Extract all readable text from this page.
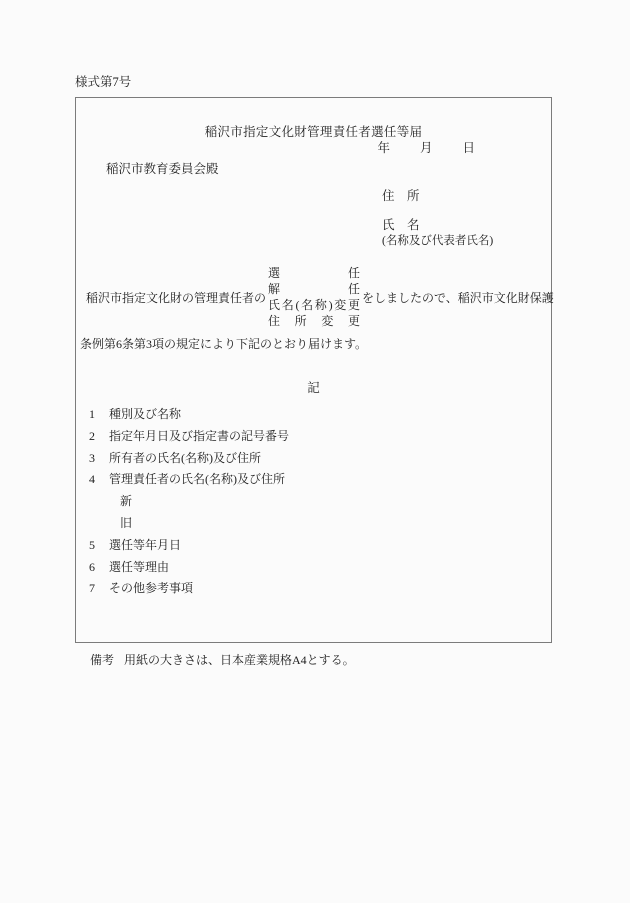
様式第7号
稲沢市指定文化財管理責任者選任等届
年 月 日
稲沢市教育委員会殿
住　所
氏　名
(名称及び代表者氏名)
稲沢市指定文化財の管理責任者の
選任
解任
氏名(名称)変更
住所変更
をしましたので、稲沢市文化財保護
条例第6条第3項の規定により下記のとおり届けます。
記
1	種別及び名称
2	指定年月日及び指定書の記号番号
3	所有者の氏名(名称)及び住所
4	管理責任者の氏名(名称)及び住所
新
旧
5	選任等年月日
6	選任等理由
7	その他参考事項
備考 用紙の大きさは、日本産業規格A4とする。
